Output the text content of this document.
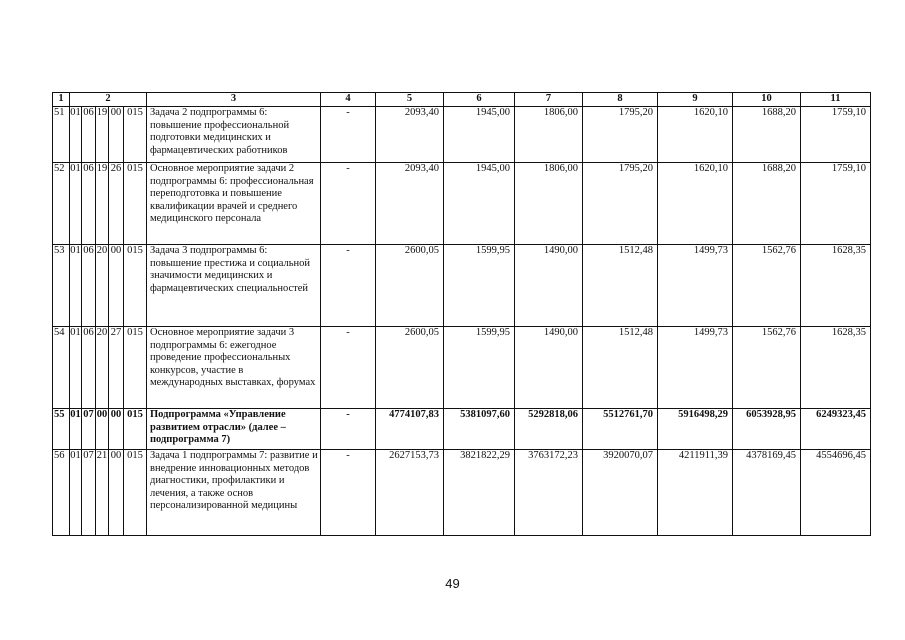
1	2					3	4	5	6	7	8	9	10	11
51	01	06	19	00	015	Задача 2 подпрограммы 6: повышение профессиональной подготовки медицинских и фармацевтических работников	-	2093,40	1945,00	1806,00	1795,20	1620,10	1688,20	1759,10
52	01	06	19	26	015	Основное мероприятие задачи 2 подпрограммы 6: профессиональная переподготовка и повышение квалификации врачей и среднего медицинского персонала	-	2093,40	1945,00	1806,00	1795,20	1620,10	1688,20	1759,10
53	01	06	20	00	015	Задача 3 подпрограммы 6: повышение престижа и социальной значимости медицинских и фармацевтических специальностей	-	2600,05	1599,95	1490,00	1512,48	1499,73	1562,76	1628,35
54	01	06	20	27	015	Основное мероприятие задачи 3 подпрограммы 6: ежегодное проведение профессиональных конкурсов, участие в международных выставках, форумах	-	2600,05	1599,95	1490,00	1512,48	1499,73	1562,76	1628,35
55	01	07	00	00	015	Подпрограмма «Управление развитием отрасли» (далее – подпрограмма 7)	-	4774107,83	5381097,60	5292818,06	5512761,70	5916498,29	6053928,95	6249323,45
56	01	07	21	00	015	Задача 1 подпрограммы 7: развитие и внедрение инновационных методов диагностики, профилактики и лечения, а также основ персонализированной медицины	-	2627153,73	3821822,29	3763172,23	3920070,07	4211911,39	4378169,45	4554696,45
49
